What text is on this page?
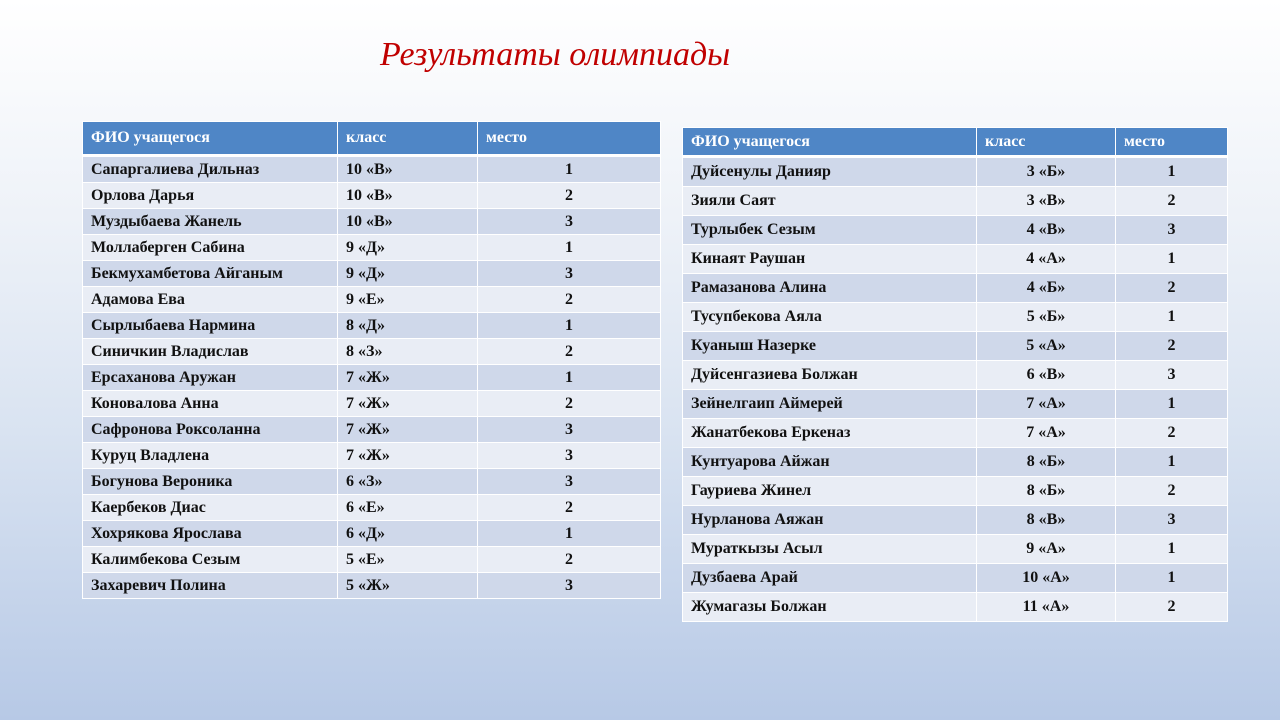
Результаты олимпиады
ФИО учащегося	класс	место
Сапаргалиева Дильназ	10 «В»	1
Орлова Дарья	10 «В»	2
Муздыбаева Жанель	10 «В»	3
Моллаберген Сабина	9 «Д»	1
Бекмухамбетова Айганым	9 «Д»	3
Адамова Ева	9 «Е»	2
Сырлыбаева Нармина	8 «Д»	1
Синичкин Владислав	8 «З»	2
Ерсаханова Аружан	7 «Ж»	1
Коновалова Анна	7 «Ж»	2
Сафронова Роксоланна	7 «Ж»	3
Куруц Владлена	7 «Ж»	3
Богунова Вероника	6 «З»	3
Каербеков Диас	6 «Е»	2
Хохрякова Ярослава	6 «Д»	1
Калимбекова Сезым	5 «Е»	2
Захаревич Полина	5 «Ж»	3
ФИО учащегося	класс	место
Дуйсенулы Данияр	3 «Б»	1
Зияли Саят	3 «В»	2
Турлыбек Сезым	4 «В»	3
Кинаят Раушан	4 «А»	1
Рамазанова Алина	4 «Б»	2
Тусупбекова Аяла	5 «Б»	1
Куаныш Назерке	5 «А»	2
Дуйсенгазиева Болжан	6 «В»	3
Зейнелгаип Аймерей	7 «А»	1
Жанатбекова Еркеназ	7 «А»	2
Кунтуарова Айжан	8 «Б»	1
Гауриева Жинел	8 «Б»	2
Нурланова Аяжан	8 «В»	3
Мураткызы Асыл	9 «А»	1
Дузбаева Арай	10 «А»	1
Жумагазы Болжан	11 «А»	2
